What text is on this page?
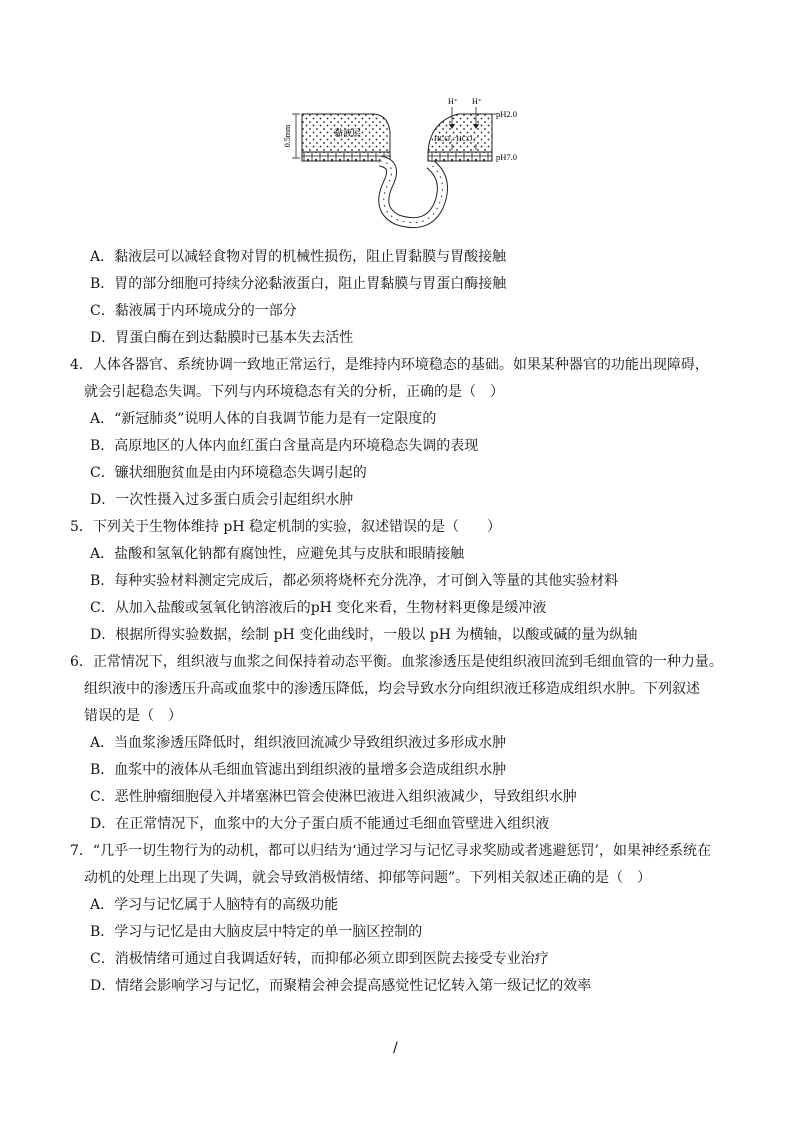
0.5mm	黏液层
H⁺ H⁺
HCO₃⁻HCO₃⁻
pH2.0
pH7.0
A．黏液层可以减轻食物对胃的机械性损伤，阻止胃黏膜与胃酸接触
B．胃的部分细胞可持续分泌黏液蛋白，阻止胃黏膜与胃蛋白酶接触
C．黏液属于内环境成分的一部分
D．胃蛋白酶在到达黏膜时已基本失去活性
4．人体各器官、系统协调一致地正常运行，是维持内环境稳态的基础。如果某种器官的功能出现障碍，
就会引起稳态失调。下列与内环境稳态有关的分析，正确的是（　）
A．“新冠肺炎”说明人体的自我调节能力是有一定限度的
B．高原地区的人体内血红蛋白含量高是内环境稳态失调的表现
C．镰状细胞贫血是由内环境稳态失调引起的
D．一次性摄入过多蛋白质会引起组织水肿
5．下列关于生物体维持 pH 稳定机制的实验，叙述错误的是（　　）
A．盐酸和氢氧化钠都有腐蚀性，应避免其与皮肤和眼睛接触
B．每种实验材料测定完成后，都必须将烧杯充分洗净，才可倒入等量的其他实验材料
C．从加入盐酸或氢氧化钠溶液后的pH 变化来看，生物材料更像是缓冲液
D．根据所得实验数据，绘制 pH 变化曲线时，一般以 pH 为横轴，以酸或碱的量为纵轴
6．正常情况下，组织液与血浆之间保持着动态平衡。血浆渗透压是使组织液回流到毛细血管的一种力量。
组织液中的渗透压升高或血浆中的渗透压降低，均会导致水分向组织液迁移造成组织水肿。下列叙述
错误的是（　）
A．当血浆渗透压降低时，组织液回流减少导致组织液过多形成水肿
B．血浆中的液体从毛细血管滤出到组织液的量增多会造成组织水肿
C．恶性肿瘤细胞侵入并堵塞淋巴管会使淋巴液进入组织液减少，导致组织水肿
D．在正常情况下，血浆中的大分子蛋白质不能通过毛细血管壁进入组织液
7．“几乎一切生物行为的动机，都可以归结为‘通过学习与记忆寻求奖励或者逃避惩罚’，如果神经系统在
动机的处理上出现了失调，就会导致消极情绪、抑郁等问题”。下列相关叙述正确的是（　）
A．学习与记忆属于人脑特有的高级功能
B．学习与记忆是由大脑皮层中特定的单一脑区控制的
C．消极情绪可通过自我调适好转，而抑郁必须立即到医院去接受专业治疗
D．情绪会影响学习与记忆，而聚精会神会提高感觉性记忆转入第一级记忆的效率
/
